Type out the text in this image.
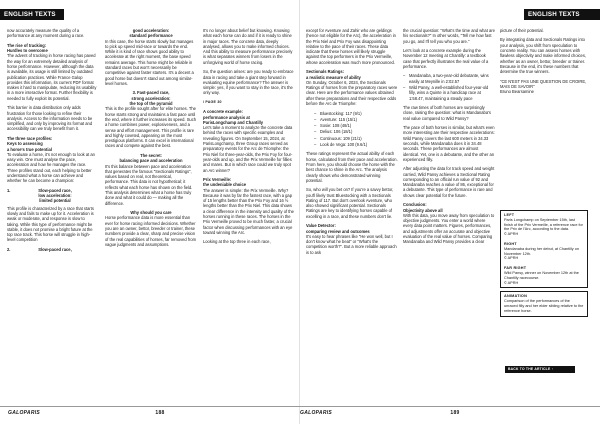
ENGLISH TEXTS	ENGLISH TEXTS

now accurately measure the quality of a performance at any moment during a race.

The rise of tracking:

Hurdles to overcome

The advent of tracking in horse racing has paved the way for an extremely detailed analysis of horse performance. However, although the data is available, its usage is still limited by outdated publication practices. While France Galop provides this information, its current PDF format makes it hard to manipulate, reducing its usability in a more interactive format. Further flexibility is needed to fully exploit its potential.

This barrier in data distribution only adds frustration for those looking to refine their analysis. Access to the information needs to be simplified, and only by improving its format and accessibility can we truly benefit from it.

The three race profiles:
Keys to assessing

a horse's true potential

To evaluate a horse, it's not enough to look at an easy win. One must analyse the pace, acceleration and how he manages the race. Three profiles stand out, each helping to better understand what a horse can achieve and whether he can become a champion:

1.	Slow-paced race,
low acceleration:
limited potential

This profile is characterized by a race that starts slowly and fails to make up for it. Acceleration is weak or moderate, and response is slow to taking. While this type of performance might be stable, it does not promise a bright future at the top race track. This horse will struggle in high-level competition

2.	Slow-paced race,
good acceleration:

standard performance

In this case, the horse starts slowly but manages to pick up speed mid-race or towards the end. While it is kind of race shows good ability to accelerate at the right moment, the base speed remains average. This horse might be reliable in standard races but won't necessarily be competitive against faster starters. It's a decent a good horse but doesn't stand out among similar-level horses.

3. Fast-paced race,
strong acceleration:

the top of the pyramid

This is the profile sought after for elite horses. The horse starts strong and maintains a fast pace until the end, where it further increases its speed. Such a horse combines power, explosiveness, and a sense and effort management. This profile is rare and highly coveted, appearing on the most prestigious platforms. It can excel in international races and compete against the best.

The secret:

balancing pace and acceleration

It's this balance between pace and acceleration that generates the famous "Sectionals Ratings", values based on real, not theoretical, performance. This data is not hypothetical; it reflects what each horse has shown on the field. This analysis determines what a horse has truly done and what it could do — making all the difference.

Why should you care

Horse performance data is more essential than ever for horse racing informed decisions. Whether you are an owner, bettor, breeder or trainer, these numbers provide a clear, sharp and precise vision of the real capabilities of horses, far removed from vague judgments and assumptions.

It's no longer about belief but knowing. Knowing what each horse can do and if it is ready to shine in major races. The concrete data, deeply analysed, allows you to make informed choices. And this ability to measure performance precisely is what separates winners from losers in the unforgiving world of horse racing.

So, the question arises: are you ready to embrace data in racing and take a giant step forward in evaluating equine performance? The answer is simple: yes, if you want to stay in the race, it's the only way.

/ PAGE 30
A concrete example:
performance analysis at

ParisLongchamp and Chantilly

Let's take a moment to analyze the concrete data behind the races with specific examples and revealing figures. On September 15, 2024, at ParisLongchamp, three Group races served as preparatory events for the Arc de Triomphe: the Prix Niel for three-year-olds, the Prix Foy for four-year-olds and up, and the Prix Vermeille for fillies and mares. But in which race could we truly spot an Arc winner?

Prix Vermeille:

the undeniable choice

The answer is simple: the Prix Vermeille. Why? Because it was by far the fastest race, with a gap of 15 lengths better than the Prix Foy and 16 ½ lengths better than the Prix Niel. This data shows a clear difference in the intensity and quality of the horses running in these races. The horses in the Prix Vermeille proved to be much faster, a crucial factor when discussing performances with an eye toward winning the Arc.

Looking at the top three in each race,

except for Aventure and Zahir who are geldings (hence not eligible for the Arc), the acceleration in the Prix Niel and Prix Foy was disappointing relative to the pace of their races. These data indicate that these horses will likely struggle against the top performers in the Prix Vermeille, whose acceleration was much more pronounced.

Sectionals Ratings:

a realistic measure of ability

On Sunday, October 6, 2024, the Sectionals Ratings of horses from the preparatory races were clear. Here are the performance values obtained after these preparations and their respective odds before the Arc de Triomphe:

– Bluestocking: 117 (9/1)
– Aventure: 115 (15/1)
– Sosie: 108 (48/1)
– Delius: 106 (18/1)
– Continuous: 109 (21/1)
– Look de Vega: 100 (9.6/1)

These ratings represent the actual ability of each horse, calculated from their pace and acceleration. From here, you should choose the horse with the best chance to shine in the Arc. The analysis clearly shows who demonstrated winning potential.

So, who will you bet on? If you're a savvy bettor, you'll likely trust Bluestocking with a Sectionals Rating of 117. But don't overlook Aventure, who also showed significant potential. Sectionals Ratings are key to identifying horses capable of excelling in a race, and these numbers don't lie.

Value Detector:

comparing review and outcomes

It's easy to hear phrases like "He won well, but I don't know what he beat" or "What's the competition worth?". But a more reliable approach is to ask

the crucial question: "What's the time and what are his sectionals?" In other words, "Tell me how fast you go, and I'll tell you who you are."

Let's look at a concrete example during the November 12 meeting at Chantilly: a textbook case that perfectly illustrates the real value of a performance.

– Mandanaba, a two-year-old debutante, wins easily at Meynille in 2:02.57
– Wild Pansy, a well-established four-year-old filly, wins a Quinte in a handicap race at 1:58.47, maintaining a steady pace

The raw times of both horses are surprisingly close, raising the question: what is Mandanaba's real value compared to Wild Pansy?

The pace of both horses is similar, but what's even more interesting are their respective accelerations: Wild Pansy covers the last 600 meters in 34.33 seconds, while Mandanaba does it in 34.48 seconds. These performances are almost identical. Yet, one is a debutante, and the other an experienced filly.

After adjusting the data for track speed and weight carried, Wild Pansy achieves a Sectional Rating corresponding to an official run value of 92 and Mandanaba reaches a value of 86, exceptional for a debutante. This type of performance is rare and shows clear potential for the future.

Conclusion:

Objectivity above all

With this data, you move away from speculation to objective judgments. You enter a world where every data point matters. Figures, performances, and adjustments offer an accurate and objective evaluation of the real value of horses. Comparing Mandanaba and Wild Pansy provides a clear

picture of their potential.

By integrating data and Sectionals Ratings into your analysis, you shift from speculation to concrete reality. You can assess horses with flawless objectivity and make informed choices, whether as an owner, bettor, breeder or trainer. Because in the end, it's these numbers that determine the true winners.

"CE N'EST PAS UNE QUESTION DE CROIRE, MAIS DE SAVOIR"

Bruno Bearsamine

LEFT
Paris Longchamp on September 15th, last finish of the Prix Vermeille, a reference race for the Prix de l'Arc, according to the data.
© APRH
RIGHT
Mandanaba during her debut, at Chantilly on November 12th.
© APRH
FAR RIGHT
Wild Pansy, winner on November 12th at the Chantilly racecourse.
© APRH
ANIMATION
Comparison of the performances of the unraced filly and her elder sibling relative to the reference horse.
BACK TO THE ARTICLE ↑
GALOPARIS	188	GALOPARIS	189
